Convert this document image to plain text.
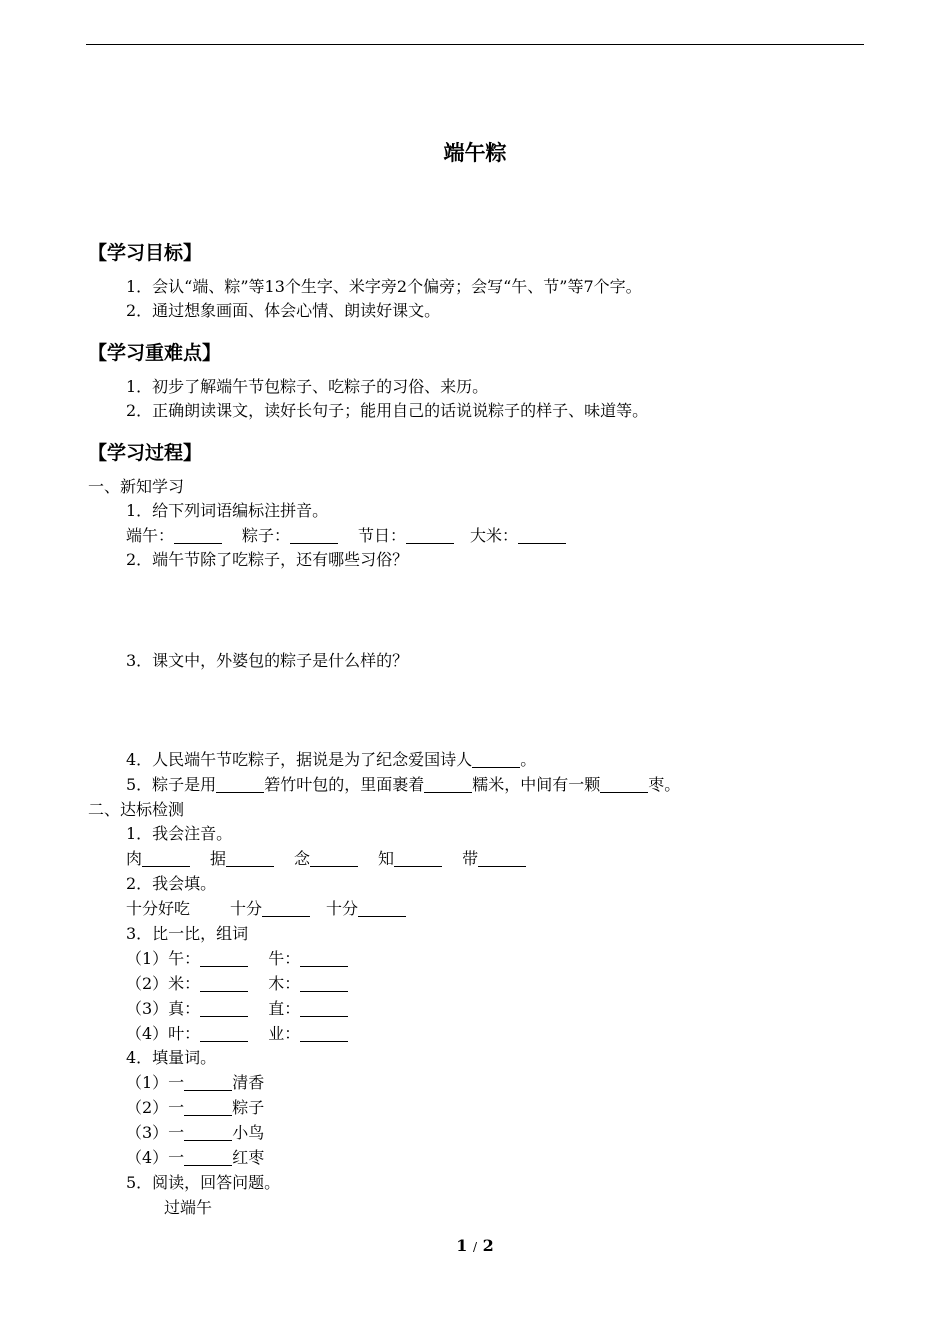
端午粽
【学习目标】
1．会认“端、粽”等13个生字、米字旁2个偏旁；会写“午、节”等7个字。
2．通过想象画面、体会心情、朗读好课文。
【学习重难点】
1．初步了解端午节包粽子、吃粽子的习俗、来历。
2．正确朗读课文，读好长句子；能用自己的话说说粽子的样子、味道等。
【学习过程】
一、新知学习
1．给下列词语编标注拼音。
端午：	粽子：	节日：	大米：
2．端午节除了吃粽子，还有哪些习俗？
3．课文中，外婆包的粽子是什么样的？
4．人民端午节吃粽子，据说是为了纪念爱国诗人	。
5．粽子是用	箬竹叶包的，里面裹着	糯米，中间有一颗	枣。
二、达标检测
1．我会注音。
肉	据	念	知	带
2．我会填。
十分好吃	十分	十分
3．比一比，组词
（1）午：	牛：
（2）米：	木：
（3）真：	直：
（4）叶：	业：
4．填量词。
（1）一	清香
（2）一	粽子
（3）一	小鸟
（4）一	红枣
5．阅读，回答问题。
过端午
1 / 2
